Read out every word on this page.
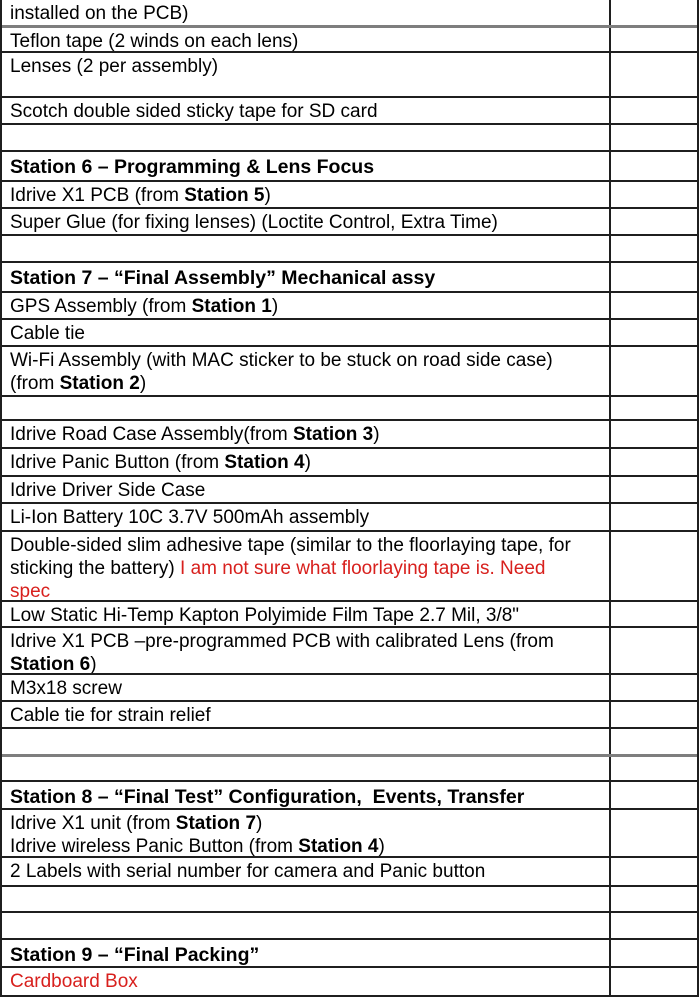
installed on the PCB)
Teflon tape (2 winds on each lens)
Lenses (2 per assembly)
Scotch double sided sticky tape for SD card
Station 6 – Programming & Lens Focus
Idrive X1 PCB (from Station 5)
Super Glue (for fixing lenses) (Loctite Control, Extra Time)
Station 7 – “Final Assembly” Mechanical assy
GPS Assembly (from Station 1)
Cable tie
Wi-Fi Assembly (with MAC sticker to be stuck on road side case)
(from Station 2)
Idrive Road Case Assembly(from Station 3)
Idrive Panic Button (from Station 4)
Idrive Driver Side Case
Li-Ion Battery 10C 3.7V 500mAh assembly
Double-sided slim adhesive tape (similar to the floorlaying tape, for
sticking the battery) I am not sure what floorlaying tape is. Need
spec
Low Static Hi-Temp Kapton Polyimide Film Tape 2.7 Mil, 3/8"
Idrive X1 PCB –pre-programmed PCB with calibrated Lens (from
Station 6)
M3x18 screw
Cable tie for strain relief
Station 8 – “Final Test” Configuration,  Events, Transfer
Idrive X1 unit (from Station 7)
Idrive wireless Panic Button (from Station 4)
2 Labels with serial number for camera and Panic button
Station 9 – “Final Packing”
Cardboard Box
